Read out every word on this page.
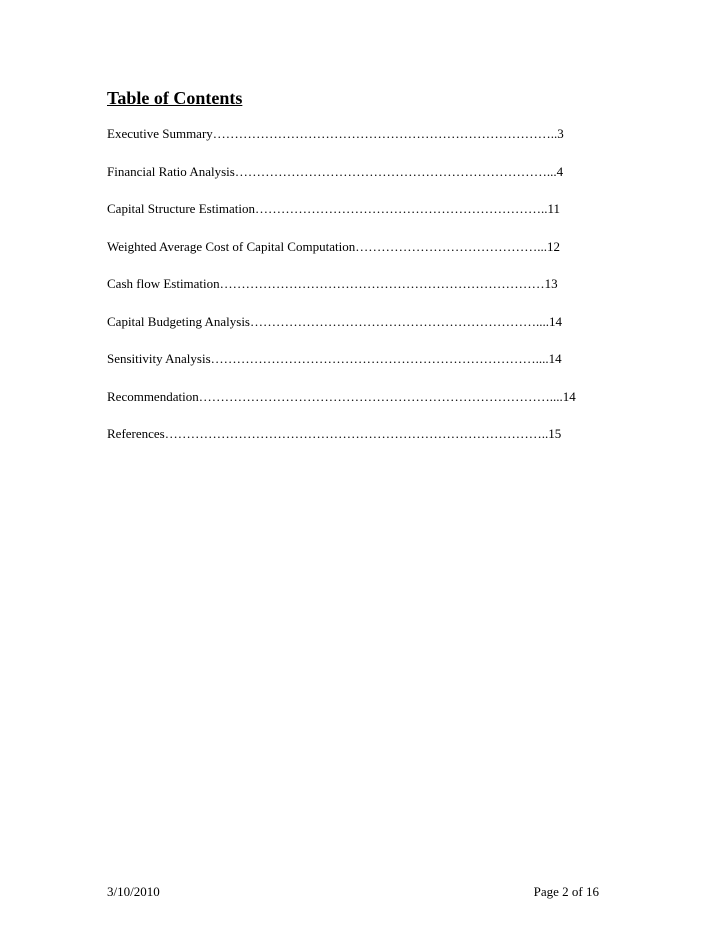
Table of Contents
Executive Summary……………………………………………………………………..3
Financial Ratio Analysis………………………………………………………………...4
Capital Structure Estimation…………………………………………………………..11
Weighted Average Cost of Capital Computation……………………………………...12
Cash flow Estimation…………………………………………………………………13
Capital Budgeting Analysis…………………………………………………………....14
Sensitivity Analysis…………………………………………………………………....14
Recommendation………………………………………………………………………....14
References……………………………………………………………………………..15
3/10/2010	Page 2 of 16
